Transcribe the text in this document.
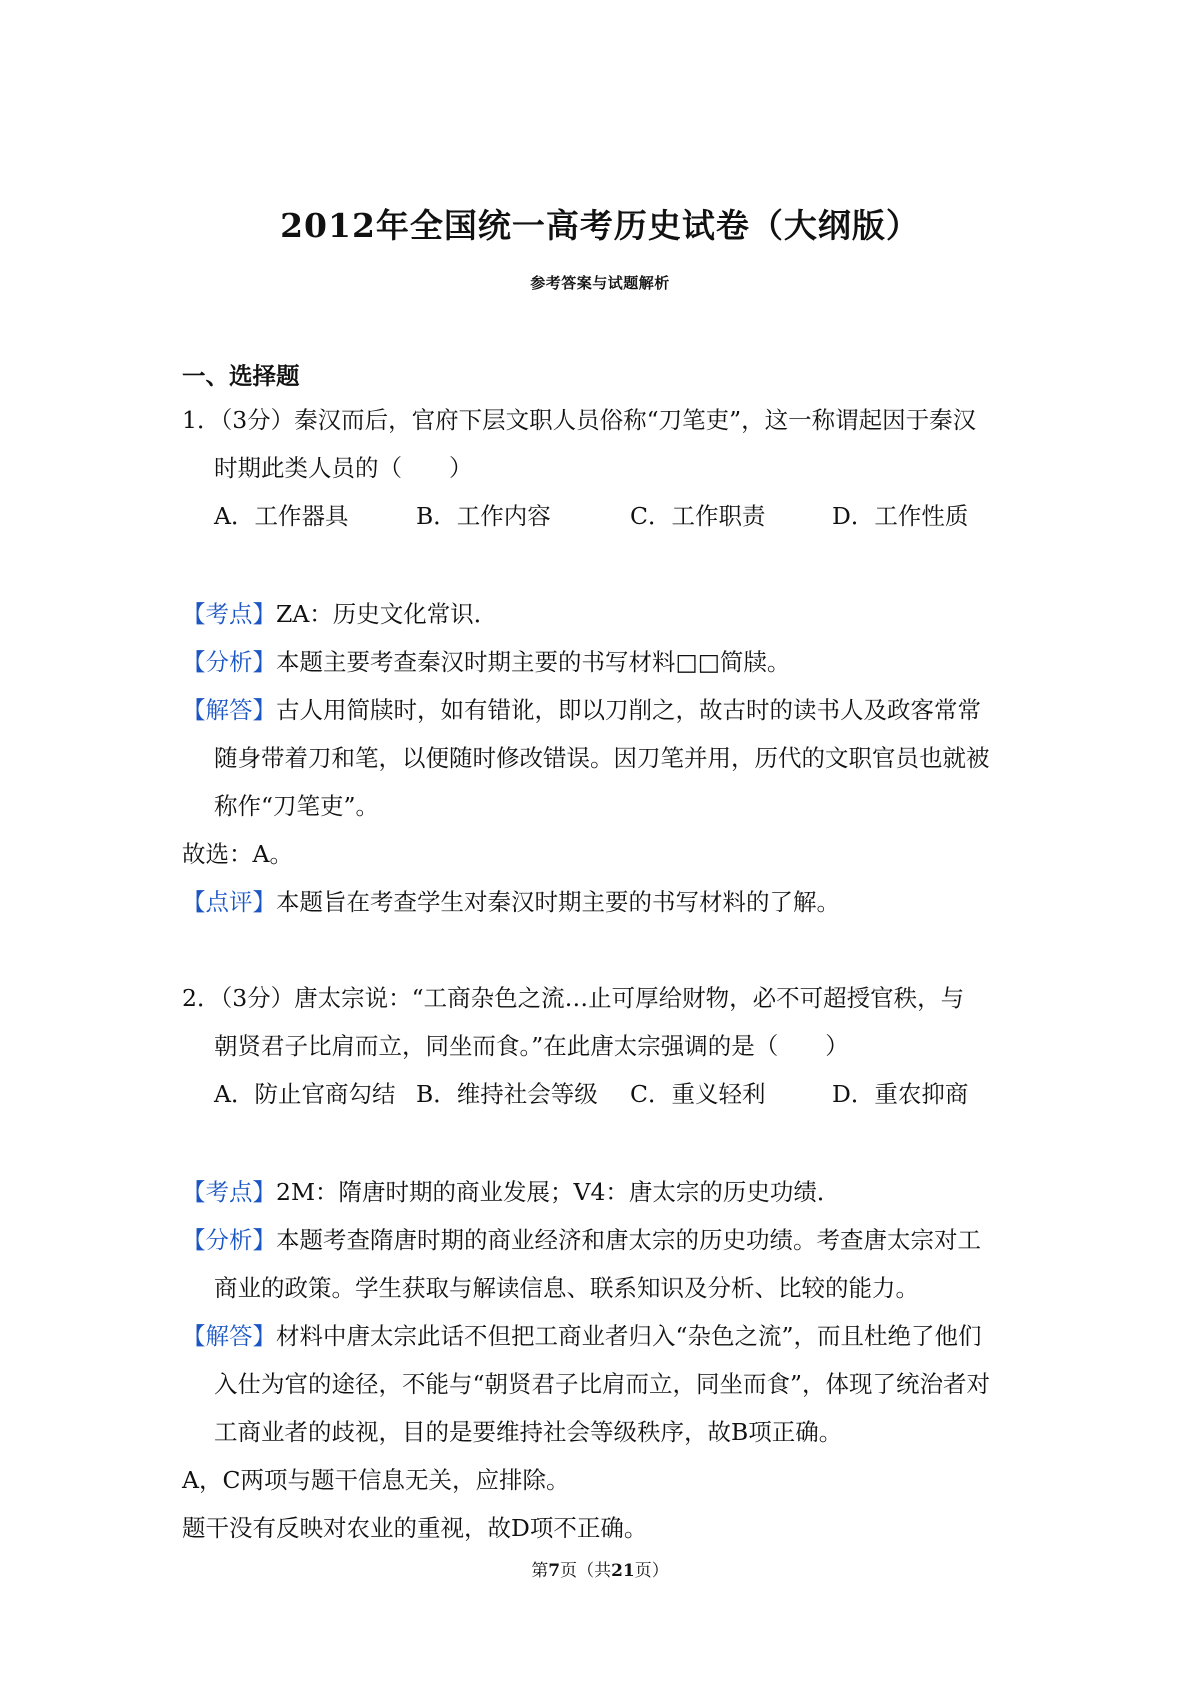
2012年全国统一高考历史试卷（大纲版）
参考答案与试题解析
一、选择题
1．（3分）秦汉而后，官府下层文职人员俗称“刀笔吏”，这一称谓起因于秦汉
时期此类人员的（　　）
A．工作器具	B．工作内容	C．工作职责	D．工作性质
【考点】ZA：历史文化常识．
【分析】本题主要考查秦汉时期主要的书写材料□□简牍。
【解答】古人用简牍时，如有错讹，即以刀削之，故古时的读书人及政客常常
随身带着刀和笔，以便随时修改错误。因刀笔并用，历代的文职官员也就被
称作“刀笔吏”。
故选：A。
【点评】本题旨在考查学生对秦汉时期主要的书写材料的了解。
2．（3分）唐太宗说：“工商杂色之流…止可厚给财物，必不可超授官秩，与
朝贤君子比肩而立，同坐而食。”在此唐太宗强调的是（　　）
A．防止官商勾结 B．维持社会等级 C．重义轻利	D．重农抑商
【考点】2M：隋唐时期的商业发展；V4：唐太宗的历史功绩．
【分析】本题考查隋唐时期的商业经济和唐太宗的历史功绩。考查唐太宗对工
商业的政策。学生获取与解读信息、联系知识及分析、比较的能力。
【解答】材料中唐太宗此话不但把工商业者归入“杂色之流”，而且杜绝了他们
入仕为官的途径，不能与“朝贤君子比肩而立，同坐而食”，体现了统治者对
工商业者的歧视，目的是要维持社会等级秩序，故B项正确。
A，C两项与题干信息无关，应排除。
题干没有反映对农业的重视，故D项不正确。
第7页（共21页）
